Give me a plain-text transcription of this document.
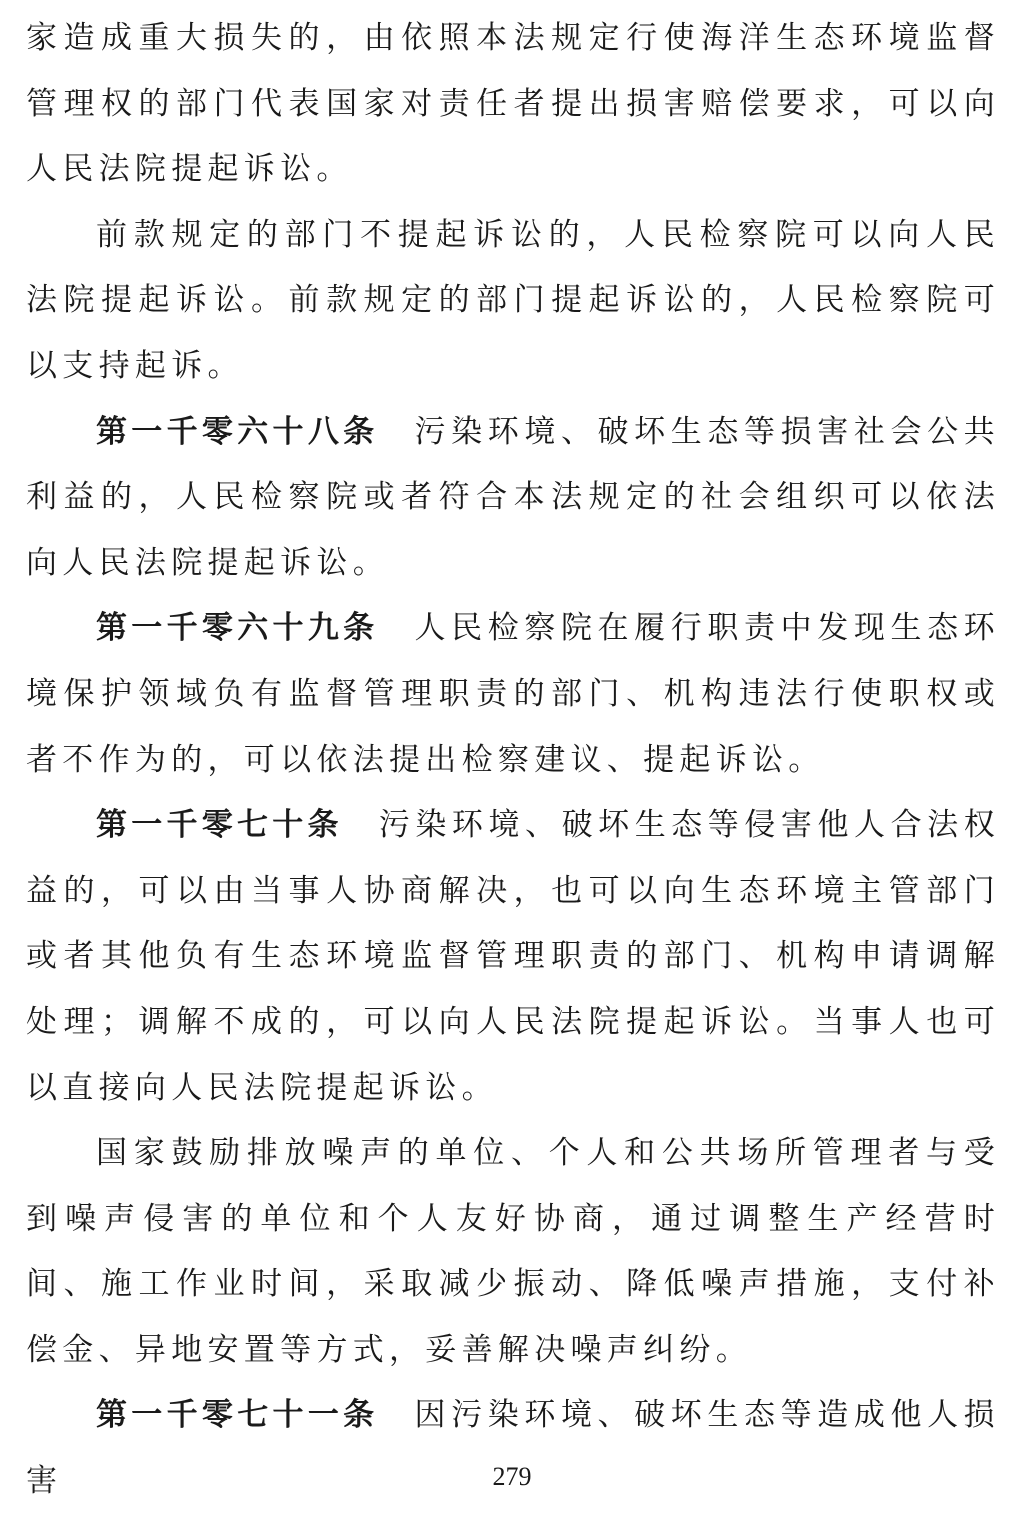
家造成重大损失的，由依照本法规定行使海洋生态环境监督管理权的部门代表国家对责任者提出损害赔偿要求，可以向人民法院提起诉讼。

前款规定的部门不提起诉讼的，人民检察院可以向人民法院提起诉讼。前款规定的部门提起诉讼的，人民检察院可以支持起诉。

第一千零六十八条 污染环境、破坏生态等损害社会公共利益的，人民检察院或者符合本法规定的社会组织可以依法向人民法院提起诉讼。

第一千零六十九条 人民检察院在履行职责中发现生态环境保护领域负有监督管理职责的部门、机构违法行使职权或者不作为的，可以依法提出检察建议、提起诉讼。

第一千零七十条 污染环境、破坏生态等侵害他人合法权益的，可以由当事人协商解决，也可以向生态环境主管部门或者其他负有生态环境监督管理职责的部门、机构申请调解处理；调解不成的，可以向人民法院提起诉讼。当事人也可以直接向人民法院提起诉讼。

国家鼓励排放噪声的单位、个人和公共场所管理者与受到噪声侵害的单位和个人友好协商，通过调整生产经营时间、施工作业时间，采取减少振动、降低噪声措施，支付补偿金、异地安置等方式，妥善解决噪声纠纷。

第一千零七十一条 因污染环境、破坏生态等造成他人损害	279
